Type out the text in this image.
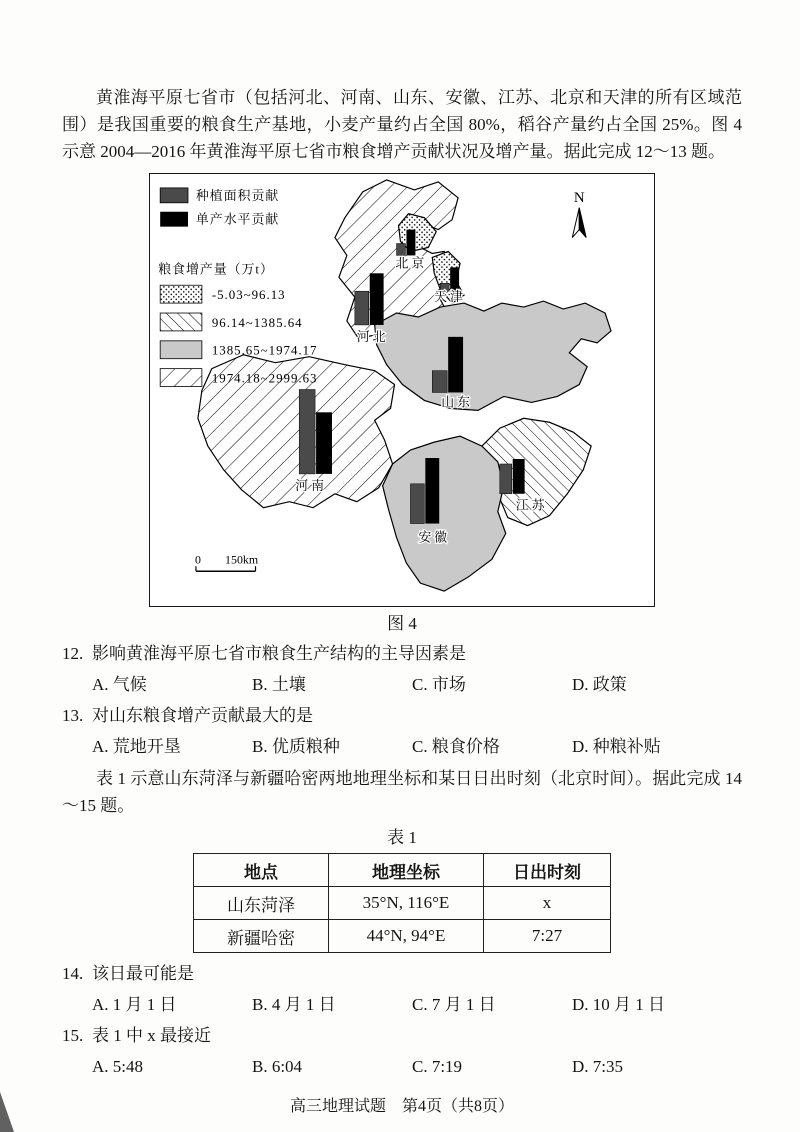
黄淮海平原七省市（包括河北、河南、山东、安徽、江苏、北京和天津的所有区域范围）是我国重要的粮食生产基地，小麦产量约占全国 80%，稻谷产量约占全国 25%。图 4 示意 2004—2016 年黄淮海平原七省市粮食增产贡献状况及增产量。据此完成 12～13 题。

北京
天津
河北
山东
河南
安徽
江苏
种植面积贡献
单产水平贡献
粮食增产量（万t）
-5.03~96.13
96.14~1385.64
1385.65~1974.17
1974.18~2999.63
N
0 150km
图 4
12. 影响黄淮海平原七省市粮食生产结构的主导因素是
A. 气候	B. 土壤	C. 市场	D. 政策
13. 对山东粮食增产贡献最大的是
A. 荒地开垦	B. 优质粮种	C. 粮食价格	D. 种粮补贴

表 1 示意山东菏泽与新疆哈密两地地理坐标和某日日出时刻（北京时间）。据此完成 14～15 题。

表 1
地点	地理坐标	日出时刻
山东菏泽	35°N, 116°E	x
新疆哈密	44°N, 94°E	7:27
14. 该日最可能是
A. 1 月 1 日	B. 4 月 1 日	C. 7 月 1 日	D. 10 月 1 日
15. 表 1 中 x 最接近
A. 5:48	B. 6:04	C. 7:19	D. 7:35
高三地理试题　第4页（共8页）
